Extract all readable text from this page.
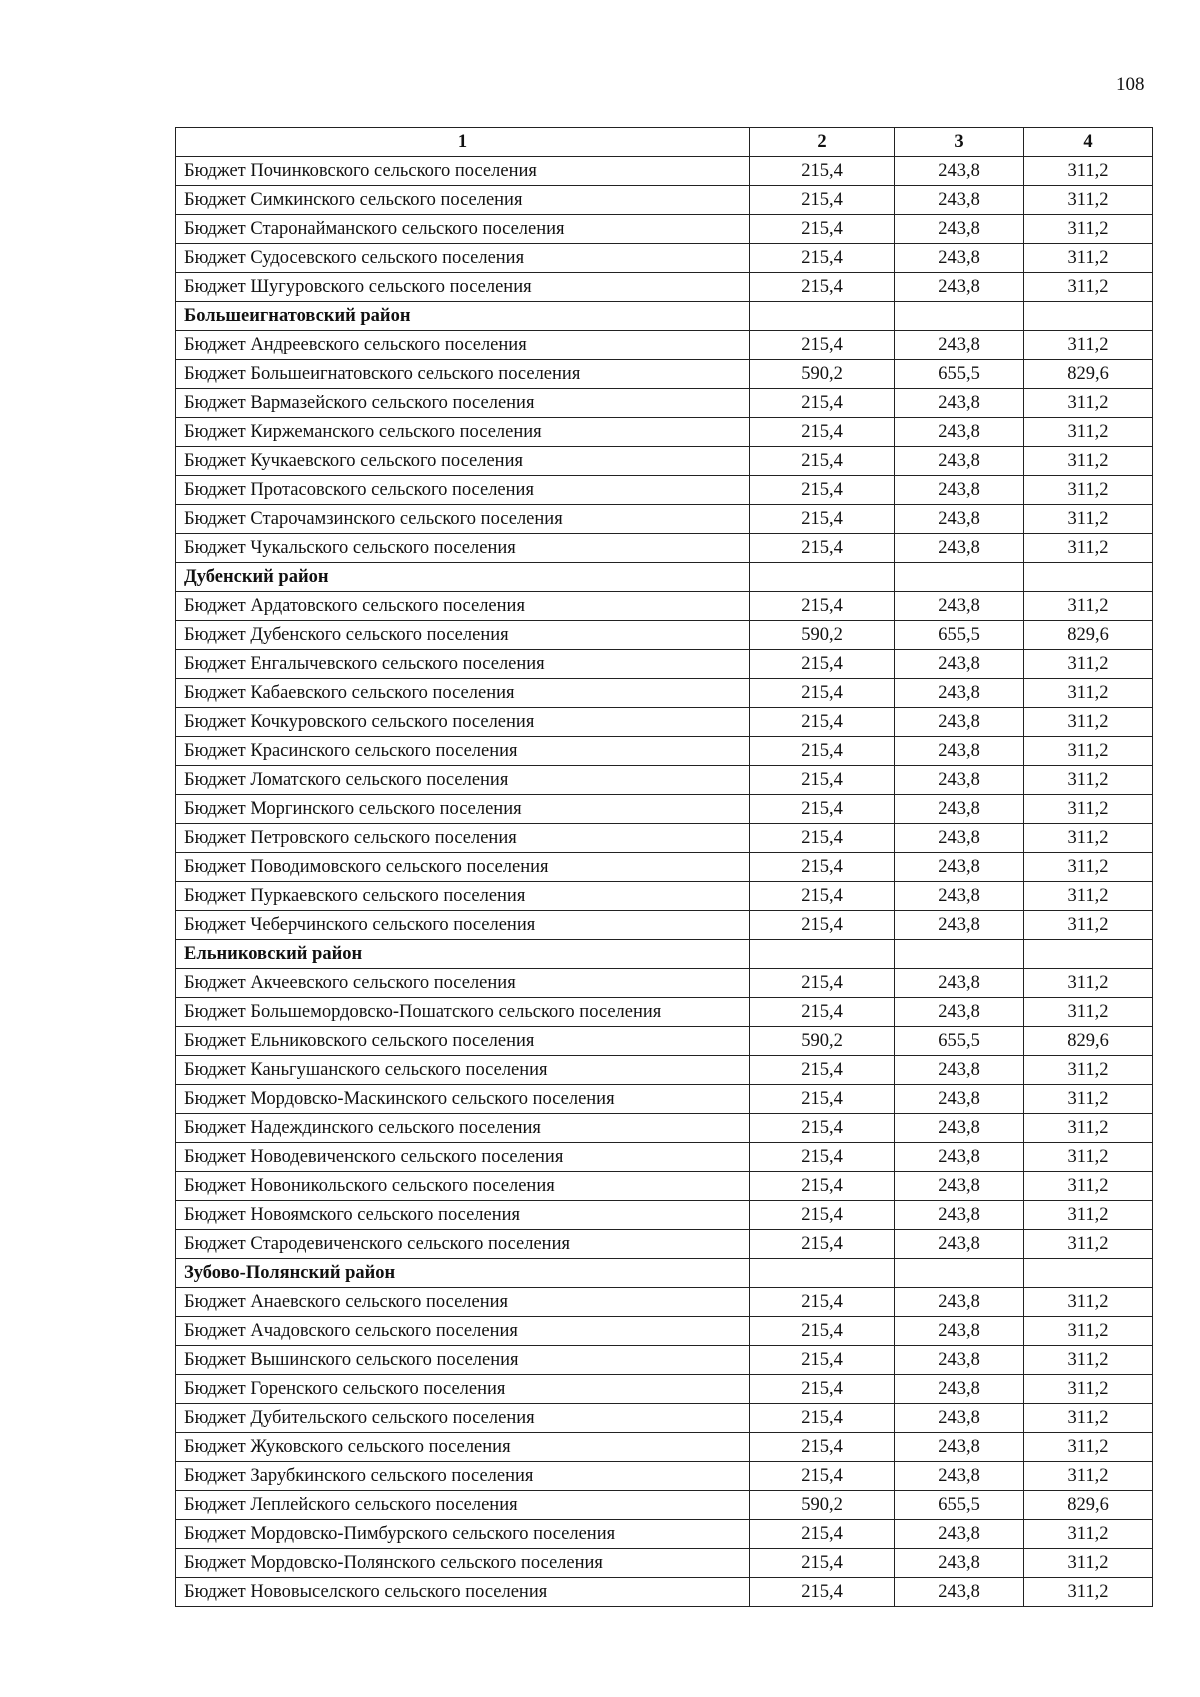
108
1	2	3	4
Бюджет Починковского сельского поселения	215,4	243,8	311,2
Бюджет Симкинского сельского поселения	215,4	243,8	311,2
Бюджет Старонайманского сельского поселения	215,4	243,8	311,2
Бюджет Судосевского сельского поселения	215,4	243,8	311,2
Бюджет Шугуровского сельского поселения	215,4	243,8	311,2
Большеигнатовский район			
Бюджет Андреевского сельского поселения	215,4	243,8	311,2
Бюджет Большеигнатовского сельского поселения	590,2	655,5	829,6
Бюджет Вармазейского сельского поселения	215,4	243,8	311,2
Бюджет Киржеманского сельского поселения	215,4	243,8	311,2
Бюджет Кучкаевского сельского поселения	215,4	243,8	311,2
Бюджет Протасовского сельского поселения	215,4	243,8	311,2
Бюджет Старочамзинского сельского поселения	215,4	243,8	311,2
Бюджет Чукальского сельского поселения	215,4	243,8	311,2
Дубенский район			
Бюджет Ардатовского сельского поселения	215,4	243,8	311,2
Бюджет Дубенского сельского поселения	590,2	655,5	829,6
Бюджет Енгалычевского сельского поселения	215,4	243,8	311,2
Бюджет Кабаевского сельского поселения	215,4	243,8	311,2
Бюджет Кочкуровского сельского поселения	215,4	243,8	311,2
Бюджет Красинского сельского поселения	215,4	243,8	311,2
Бюджет Ломатского сельского поселения	215,4	243,8	311,2
Бюджет Моргинского сельского поселения	215,4	243,8	311,2
Бюджет Петровского сельского поселения	215,4	243,8	311,2
Бюджет Поводимовского сельского поселения	215,4	243,8	311,2
Бюджет Пуркаевского сельского поселения	215,4	243,8	311,2
Бюджет Чеберчинского сельского поселения	215,4	243,8	311,2
Ельниковский район			
Бюджет Акчеевского сельского поселения	215,4	243,8	311,2
Бюджет Большемордовско-Пошатского сельского поселения	215,4	243,8	311,2
Бюджет Ельниковского сельского поселения	590,2	655,5	829,6
Бюджет Каньгушанского сельского поселения	215,4	243,8	311,2
Бюджет Мордовско-Маскинского сельского поселения	215,4	243,8	311,2
Бюджет Надеждинского сельского поселения	215,4	243,8	311,2
Бюджет Новодевиченского сельского поселения	215,4	243,8	311,2
Бюджет Новоникольского сельского поселения	215,4	243,8	311,2
Бюджет Новоямского сельского поселения	215,4	243,8	311,2
Бюджет Стародевиченского сельского поселения	215,4	243,8	311,2
Зубово-Полянский район			
Бюджет Анаевского сельского поселения	215,4	243,8	311,2
Бюджет Ачадовского сельского поселения	215,4	243,8	311,2
Бюджет Вышинского сельского поселения	215,4	243,8	311,2
Бюджет Горенского сельского поселения	215,4	243,8	311,2
Бюджет Дубительского сельского поселения	215,4	243,8	311,2
Бюджет Жуковского сельского поселения	215,4	243,8	311,2
Бюджет Зарубкинского сельского поселения	215,4	243,8	311,2
Бюджет Леплейского сельского поселения	590,2	655,5	829,6
Бюджет Мордовско-Пимбурского сельского поселения	215,4	243,8	311,2
Бюджет Мордовско-Полянского сельского поселения	215,4	243,8	311,2
Бюджет Нововыселского сельского поселения	215,4	243,8	311,2
